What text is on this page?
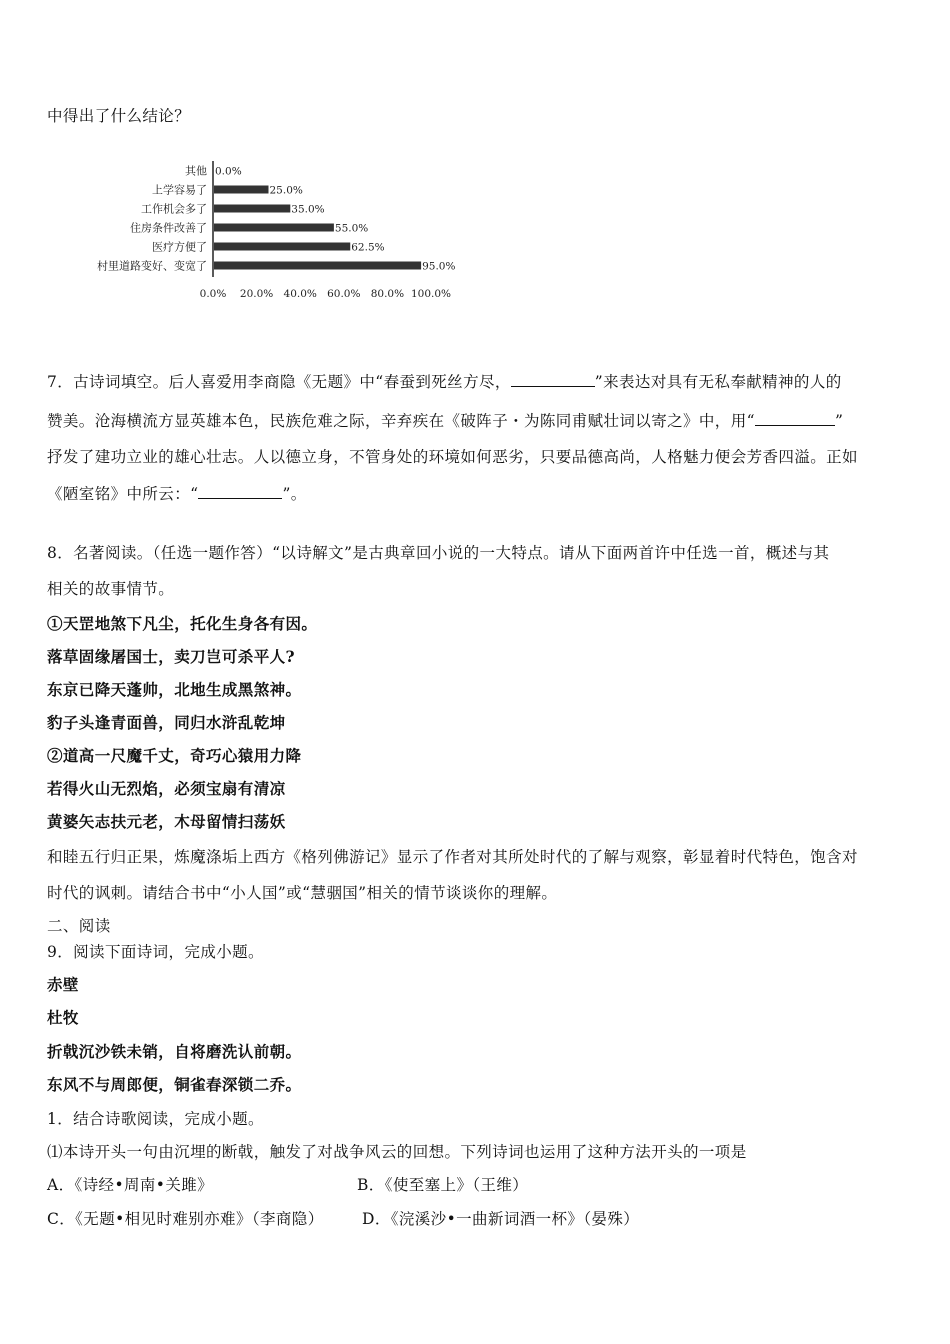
中得出了什么结论？
其他 0.0%
上学容易了	25.0%
工作机会多了	35.0%
住房条件改善了	55.0%
医疗方便了	62.5%
村里道路变好、变宽了	95.0%
0.0% 20.0% 40.0% 60.0% 80.0% 100.0%
7．古诗词填空。后人喜爱用李商隐《无题》中“春蚕到死丝方尽，	”来表达对具有无私奉献精神的人的
赞美。沧海横流方显英雄本色，民族危难之际，辛弃疾在《破阵子・为陈同甫赋壮词以寄之》中，用“	”
抒发了建功立业的雄心壮志。人以德立身，不管身处的环境如何恶劣，只要品德高尚，人格魅力便会芳香四溢。正如
《陋室铭》中所云：“	”。
8．名著阅读。（任选一题作答）“以诗解文”是古典章回小说的一大特点。请从下面两首许中任选一首，概述与其
相关的故事情节。
①天罡地煞下凡尘，托化生身各有因。
落草固缘屠国士，卖刀岂可杀平人?
东京已降天蓬帅，北地生成黑煞神。
豹子头逢青面兽，同归水浒乱乾坤
②道高一尺魔千丈，奇巧心猿用力降
若得火山无烈焰，必须宝扇有清凉
黄婆矢志扶元老，木母留情扫荡妖
和睦五行归正果，炼魔涤垢上西方《格列佛游记》显示了作者对其所处时代的了解与观察，彰显着时代特色，饱含对
时代的讽刺。请结合书中“小人国”或“慧骃国”相关的情节谈谈你的理解。
二、阅读
9．阅读下面诗词，完成小题。
赤壁
杜牧
折戟沉沙铁未销，自将磨洗认前朝。
东风不与周郎便，铜雀春深锁二乔。
1．结合诗歌阅读，完成小题。
⑴本诗开头一句由沉埋的断戟，触发了对战争风云的回想。下列诗词也运用了这种方法开头的一项是
A．《诗经•周南•关雎》	B．《使至塞上》（王维）
C．《无题•相见时难别亦难》（李商隐） D．《浣溪沙•一曲新词酒一杯》（晏殊）
